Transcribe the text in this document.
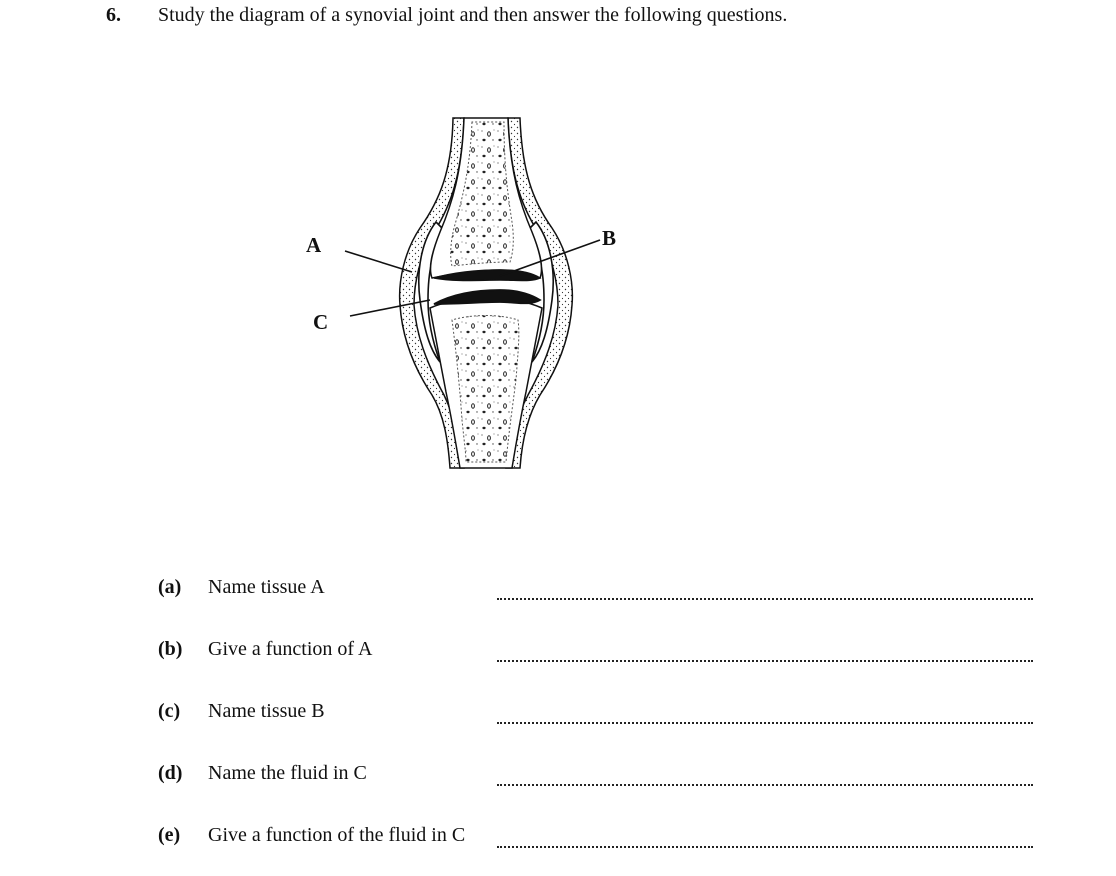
6. Study the diagram of a synovial joint and then answer the following questions.
A	B
C
(a) Name tissue A
(b) Give a function of A
(c) Name tissue B
(d) Name the fluid in C
(e) Give a function of the fluid in C
